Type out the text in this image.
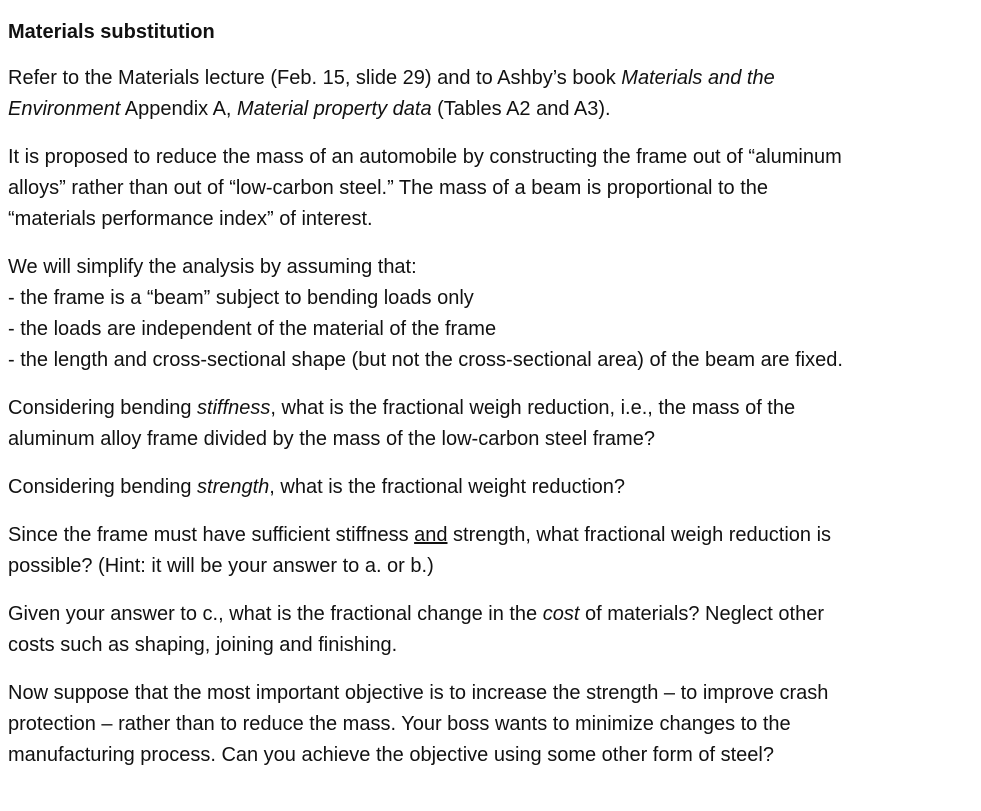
Materials substitution

Refer to the Materials lecture (Feb. 15, slide 29) and to Ashby’s book Materials and the
Environment Appendix A, Material property data (Tables A2 and A3).

It is proposed to reduce the mass of an automobile by constructing the frame out of “aluminum
alloys” rather than out of “low-carbon steel.” The mass of a beam is proportional to the
“materials performance index” of interest.

We will simplify the analysis by assuming that:
- the frame is a “beam” subject to bending loads only
- the loads are independent of the material of the frame
- the length and cross-sectional shape (but not the cross-sectional area) of the beam are fixed.

Considering bending stiffness, what is the fractional weigh reduction, i.e., the mass of the
aluminum alloy frame divided by the mass of the low-carbon steel frame?

Considering bending strength, what is the fractional weight reduction?

Since the frame must have sufficient stiffness and strength, what fractional weigh reduction is
possible? (Hint: it will be your answer to a. or b.)

Given your answer to c., what is the fractional change in the cost of materials? Neglect other
costs such as shaping, joining and finishing.

Now suppose that the most important objective is to increase the strength – to improve crash
protection – rather than to reduce the mass. Your boss wants to minimize changes to the
manufacturing process. Can you achieve the objective using some other form of steel?
